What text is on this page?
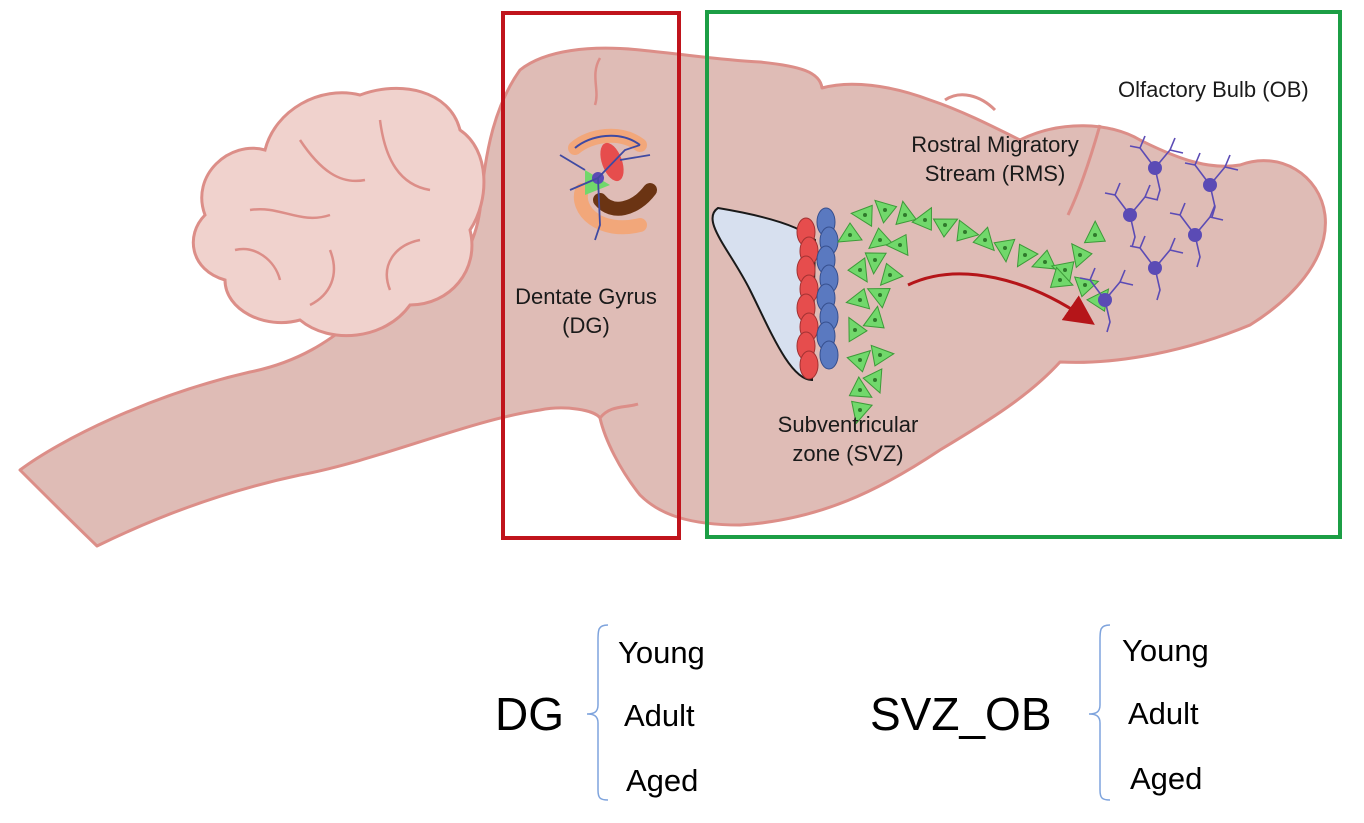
Dentate Gyrus
(DG)
Rostral Migratory
Stream (RMS)
Olfactory Bulb (OB)
Subventricular
zone (SVZ)
DG
Young
Adult
Aged
SVZ_OB
Young
Adult
Aged
